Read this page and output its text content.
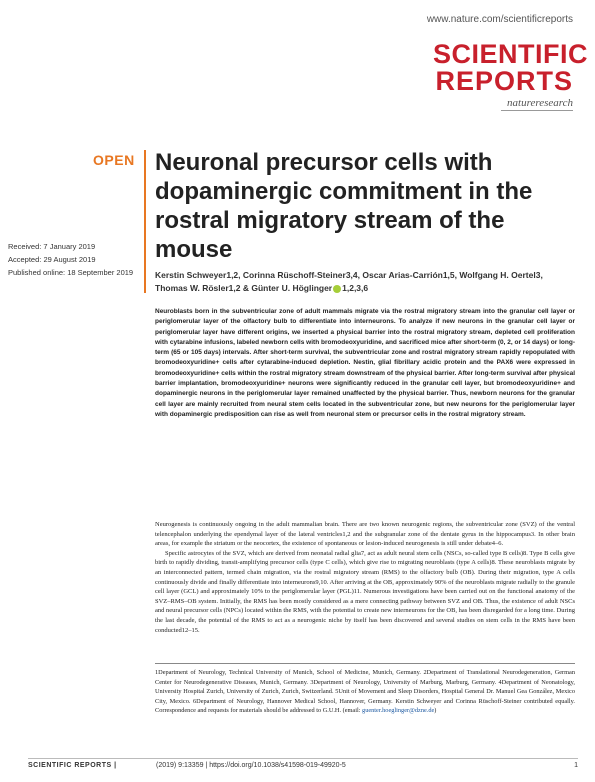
www.nature.com/scientificreports
SCIENTIFIC
REPORTS
natureresearch
OPEN Neuronal precursor cells with dopaminergic commitment in the rostral migratory stream of the mouse
Received: 7 January 2019
Accepted: 29 August 2019
Published online: 18 September 2019	Kerstin Schweyer1,2, Corinna Rüschoff-Steiner3,4, Oscar Arias-Carrión1,5, Wolfgang H. Oertel3, Thomas W. Rösler1,2 & Günter U. Höglinger 1,2,3,6
Neuroblasts born in the subventricular zone of adult mammals migrate via the rostral migratory stream into the granular cell layer or periglomerular layer of the olfactory bulb to differentiate into interneurons. To analyze if new neurons in the granular cell layer or periglomerular layer have different origins, we inserted a physical barrier into the rostral migratory stream, depleted cell proliferation with cytarabine infusions, labeled newborn cells with bromodeoxyuridine, and sacrificed mice after short-term (0, 2, or 14 days) or long-term (65 or 105 days) intervals. After short-term survival, the subventricular zone and rostral migratory stream rapidly repopulated with bromodeoxyuridine+ cells after cytarabine-induced depletion. Nestin, glial fibrillary acidic protein and the PAX6 were expressed in bromodeoxyuridine+ cells within the rostral migratory stream downstream of the physical barrier. After long-term survival after physical barrier implantation, bromodeoxyuridine+ neurons were significantly reduced in the granular cell layer, but bromodeoxyuridine+ and dopaminergic neurons in the periglomerular layer remained unaffected by the physical barrier. Thus, newborn neurons for the granular cell layer are mainly recruited from neural stem cells located in the subventricular zone, but new neurons for the periglomerular layer with dopaminergic predisposition can rise as well from neuronal stem or precursor cells in the rostral migratory stream.

Neurogenesis is continuously ongoing in the adult mammalian brain. There are two known neurogenic regions, the subventricular zone (SVZ) of the ventral telencephalon underlying the ependymal layer of the lateral ventricles1,2 and the subgranular zone of the dentate gyrus in the hippocampus3. In other brain areas, for example the striatum or the neocortex, the existence of spontaneous or lesion-induced neurogenesis is still under debate4–6.

Specific astrocytes of the SVZ, which are derived from neonatal radial glia7, act as adult neural stem cells (NSCs, so-called type B cells)8. Type B cells give birth to rapidly dividing, transit-amplifying precursor cells (type C cells), which give rise to migrating neuroblasts (type A cells)8. These neuroblasts migrate by an interconnected pattern, termed chain migration, via the rostral migratory stream (RMS) to the olfactory bulb (OB). During their migration, type A cells continuously divide and finally differentiate into interneurons9,10. After arriving at the OB, approximately 90% of the neuroblasts migrate radially to the granule cell layer (GCL) and approximately 10% to the periglomerular layer (PGL)11. Numerous investigations have been carried out on the functional anatomy of the SVZ–RMS–OB system. Initially, the RMS has been mostly considered as a mere connecting pathway between SVZ and OB. Thus, the existence of adult NSCs and neural precursor cells (NPCs) located within the RMS, with the potential to create new interneurons for the OB, has been disregarded for a long time. During the last decade, the potential of the RMS to act as a neurogenic niche by itself has been discovered and several studies on stem cells in the RMS have been conducted12–15.

1Department of Neurology, Technical University of Munich, School of Medicine, Munich, Germany. 2Department of Translational Neurodegeneration, German Center for Neurodegenerative Diseases, Munich, Germany. 3Department of Neurology, University of Marburg, Marburg, Germany. 4Department of Neonatology, University Hospital Zurich, University of Zurich, Zurich, Switzerland. 5Unit of Movement and Sleep Disorders, Hospital General Dr. Manuel Gea González, Mexico City, Mexico. 6Department of Neurology, Hannover Medical School, Hannover, Germany. Kerstin Schweyer and Corinna Rüschoff-Steiner contributed equally. Correspondence and requests for materials should be addressed to G.U.H. (email: guenter.hoeglinger@dzne.de)
SCIENTIFIC REPORTS |	(2019) 9:13359 | https://doi.org/10.1038/s41598-019-49920-5	1
